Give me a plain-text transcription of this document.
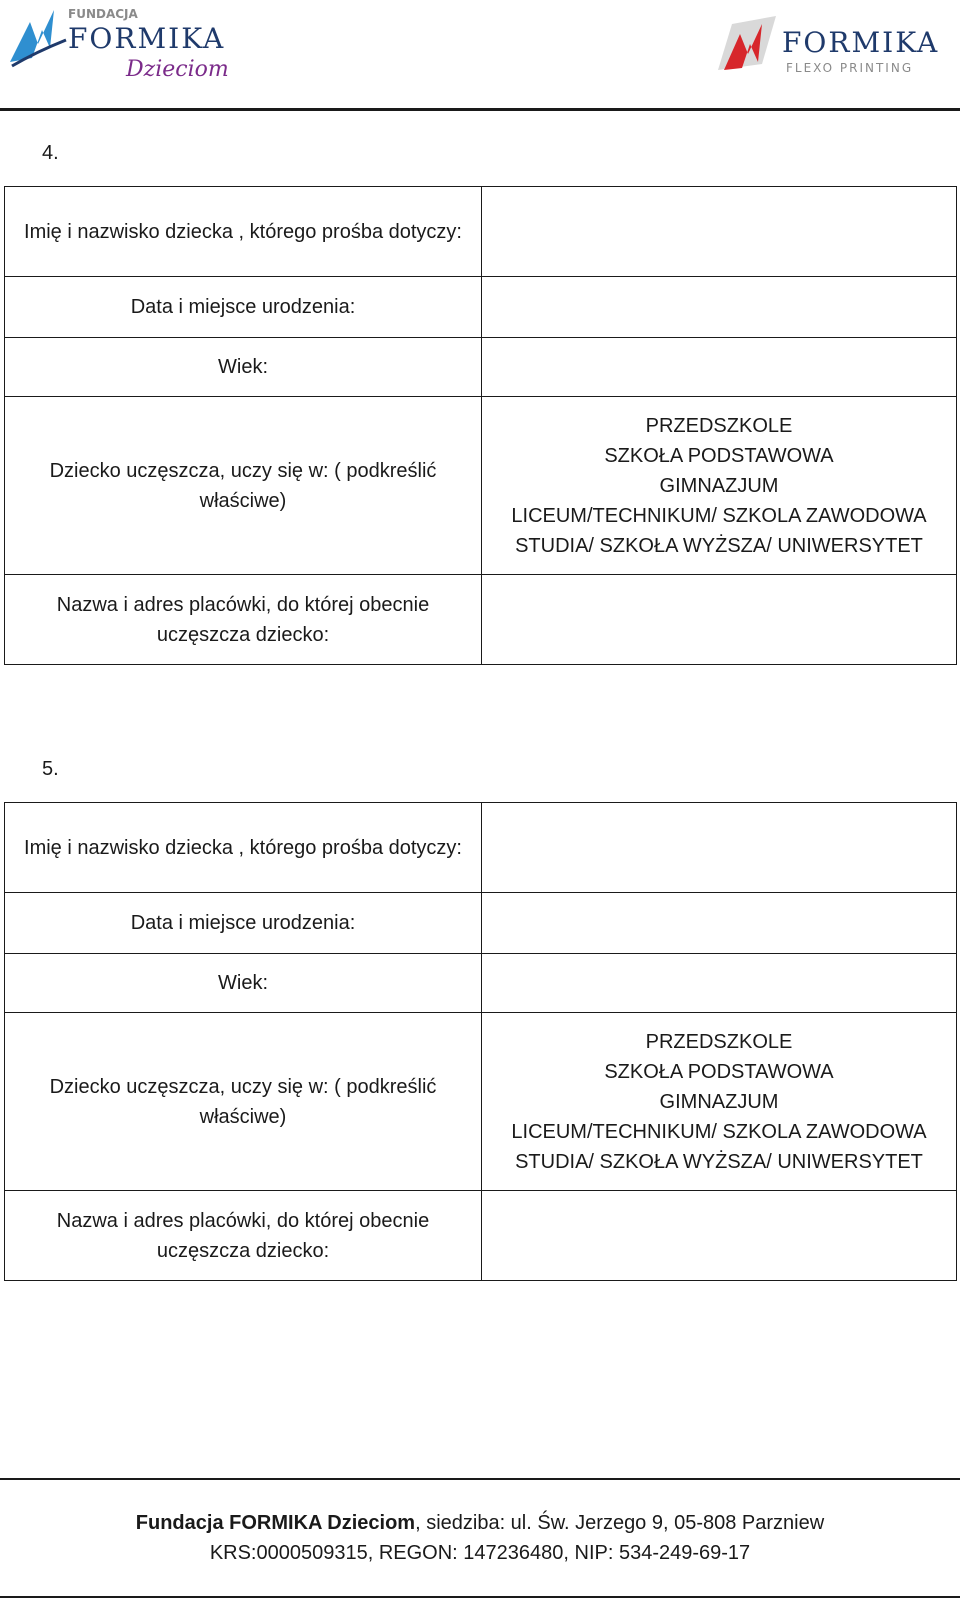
FUNDACJA
FORMIKA
Dzieciom
FORMIKA
FLEXO PRINTING
4.
Imię i nazwisko dziecka , którego prośba dotyczy:	
Data i miejsce urodzenia:	
Wiek:	
Dziecko uczęszcza, uczy się w: ( podkreślić właściwe)	PRZEDSZKOLE
SZKOŁA PODSTAWOWA
GIMNAZJUM
LICEUM/TECHNIKUM/ SZKOLA ZAWODOWA
STUDIA/ SZKOŁA WYŻSZA/ UNIWERSYTET

Nazwa i adres placówki, do której obecnie uczęszcza dziecko:	
5.
Imię i nazwisko dziecka , którego prośba dotyczy:	
Data i miejsce urodzenia:	
Wiek:	
Dziecko uczęszcza, uczy się w: ( podkreślić właściwe)	PRZEDSZKOLE
SZKOŁA PODSTAWOWA
GIMNAZJUM
LICEUM/TECHNIKUM/ SZKOLA ZAWODOWA
STUDIA/ SZKOŁA WYŻSZA/ UNIWERSYTET

Nazwa i adres placówki, do której obecnie uczęszcza dziecko:	
Fundacja FORMIKA Dzieciom, siedziba: ul. Św. Jerzego 9, 05-808 Parzniew
KRS:0000509315, REGON: 147236480, NIP: 534-249-69-17
